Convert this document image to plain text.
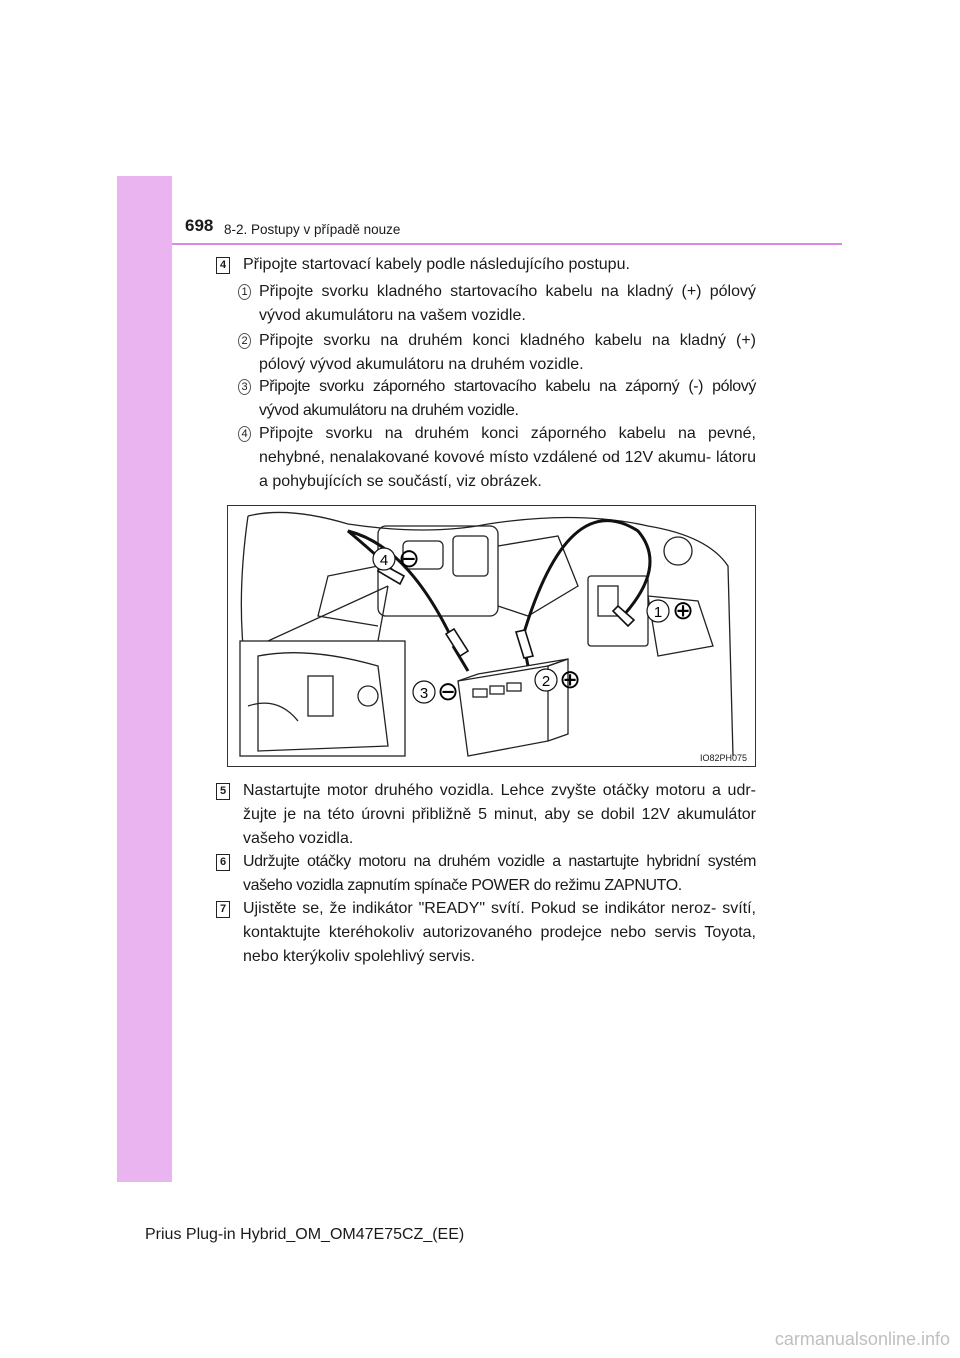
698 8-2. Postupy v případě nouze
4 Připojte startovací kabely podle následujícího postupu.
1 Připojte svorku kladného startovacího kabelu na kladný (+) pólový vývod akumulátoru na vašem vozidle.
2 Připojte svorku na druhém konci kladného kabelu na kladný (+) pólový vývod akumulátoru na druhém vozidle.
3 Připojte svorku záporného startovacího kabelu na záporný (-) pólový vývod akumulátoru na druhém vozidle.
4 Připojte svorku na druhém konci záporného kabelu na pevné, nehybné, nenalakované kovové místo vzdálené od 12V akumu- látoru a pohybujících se součástí, viz obrázek.
1 ⊕
2 ⊕
3 ⊖
4 ⊖
IO82PH075
5 Nastartujte motor druhého vozidla. Lehce zvyšte otáčky motoru a udr- žujte je na této úrovni přibližně 5 minut, aby se dobil 12V akumulátor vašeho vozidla.
6 Udržujte otáčky motoru na druhém vozidle a nastartujte hybridní systém vašeho vozidla zapnutím spínače POWER do režimu ZAPNUTO.
7 Ujistěte se, že indikátor "READY" svítí. Pokud se indikátor neroz- svítí, kontaktujte kteréhokoliv autorizovaného prodejce nebo servis Toyota, nebo kterýkoliv spolehlivý servis.
Prius Plug-in Hybrid_OM_OM47E75CZ_(EE)
carmanualsonline.info
